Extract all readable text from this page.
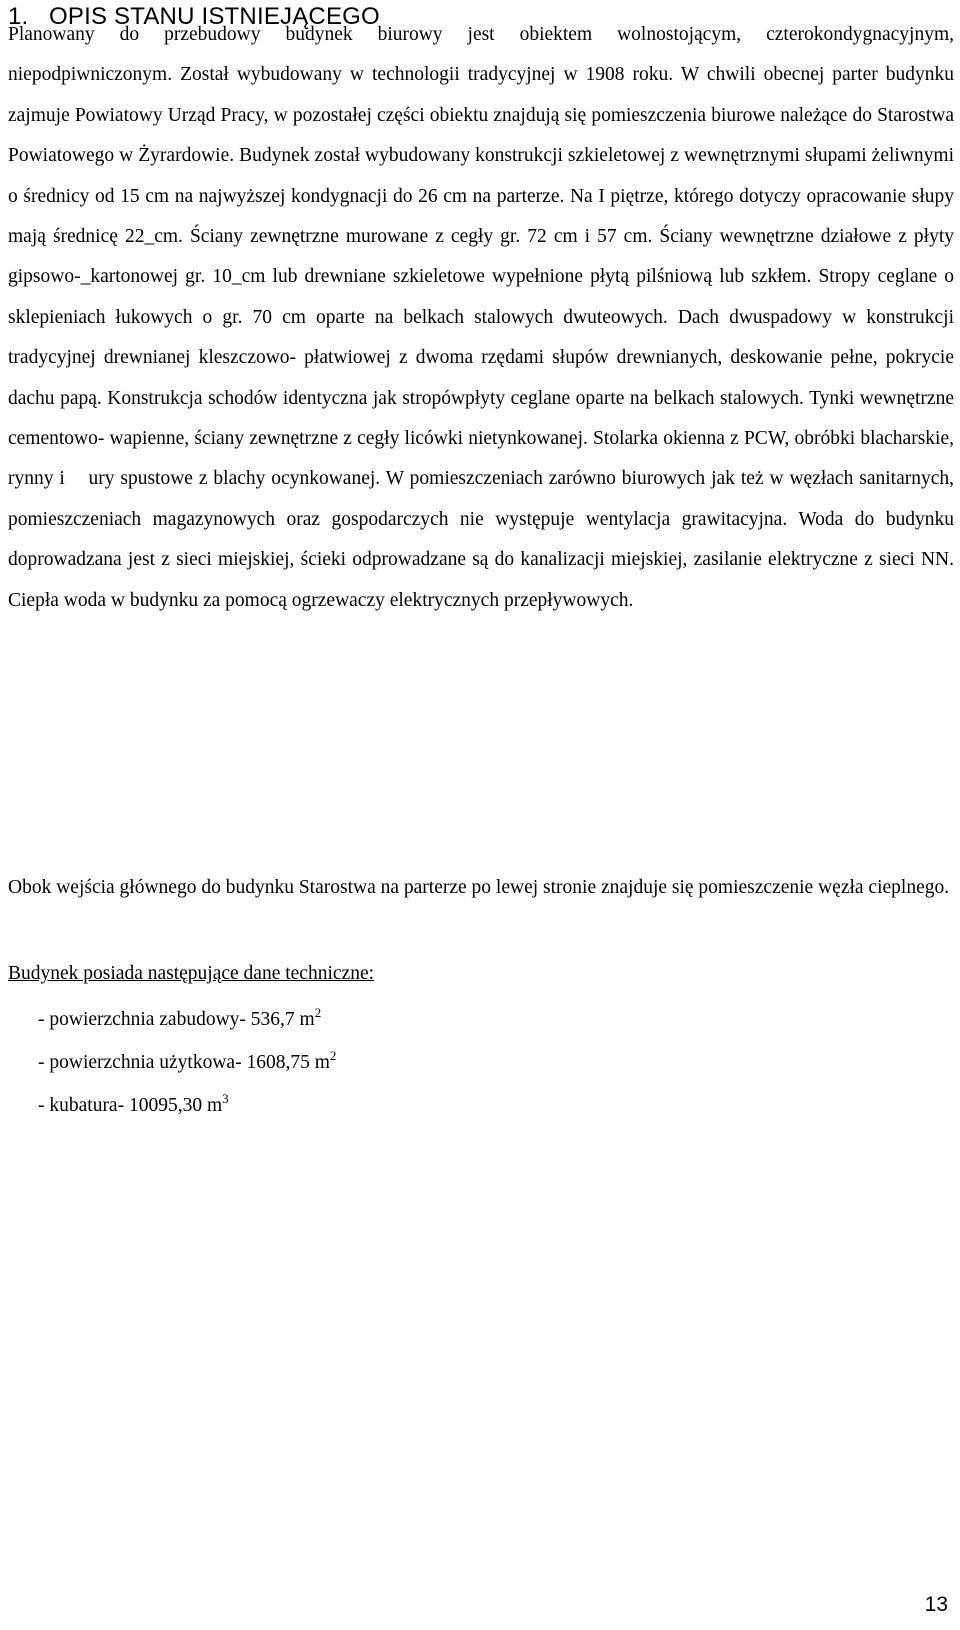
1. OPIS STANU ISTNIEJĄCEGO

Planowany do przebudowy budynek biurowy jest obiektem wolnostojącym, czterokondygnacyjnym, niepodpiwniczonym. Został wybudowany w technologii tradycyjnej w 1908 roku. W chwili obecnej parter budynku zajmuje Powiatowy Urząd Pracy, w pozostałej części obiektu znajdują się pomieszczenia biurowe należące do Starostwa Powiatowego w Żyrardowie. Budynek został wybudowany konstrukcji szkieletowej z wewnętrznymi słupami żeliwnymi o średnicy od 15 cm na najwyższej kondygnacji do 26 cm na parterze. Na I piętrze, którego dotyczy opracowanie słupy mają średnicę 22_cm. Ściany zewnętrzne murowane z cegły gr. 72 cm i 57 cm. Ściany wewnętrzne działowe z płyty gipsowo-_kartonowej gr. 10_cm lub drewniane szkieletowe wypełnione płytą pilśniową lub szkłem. Stropy ceglane o sklepieniach łukowych o gr. 70 cm oparte na belkach stalowych dwuteowych. Dach dwuspadowy w konstrukcji tradycyjnej drewnianej kleszczowo- płatwiowej z dwoma rzędami słupów drewnianych, deskowanie pełne, pokrycie dachu papą. Konstrukcja schodów identyczna jak stropówpłyty ceglane oparte na belkach stalowych. Tynki wewnętrzne cementowo- wapienne, ściany zewnętrzne z cegły licówki nietynkowanej. Stolarka okienna z PCW, obróbki blacharskie, rynny i    ury spustowe z blachy ocynkowanej. W pomieszczeniach zarówno biurowych jak też w węzłach sanitarnych, pomieszczeniach magazynowych oraz gospodarczych nie występuje wentylacja grawitacyjna. Woda do budynku doprowadzana jest z sieci miejskiej, ścieki odprowadzane są do kanalizacji miejskiej, zasilanie elektryczne z sieci NN. Ciepła woda w budynku za pomocą ogrzewaczy elektrycznych przepływowych.

Obok wejścia głównego do budynku Starostwa na parterze po lewej stronie znajduje się pomieszczenie węzła cieplnego.

Budynek posiada następujące dane techniczne:
- powierzchnia zabudowy- 536,7 $m^2$
- powierzchnia użytkowa- 1608,75 $m^2$
- kubatura- 10095,30 $m^3$
13
